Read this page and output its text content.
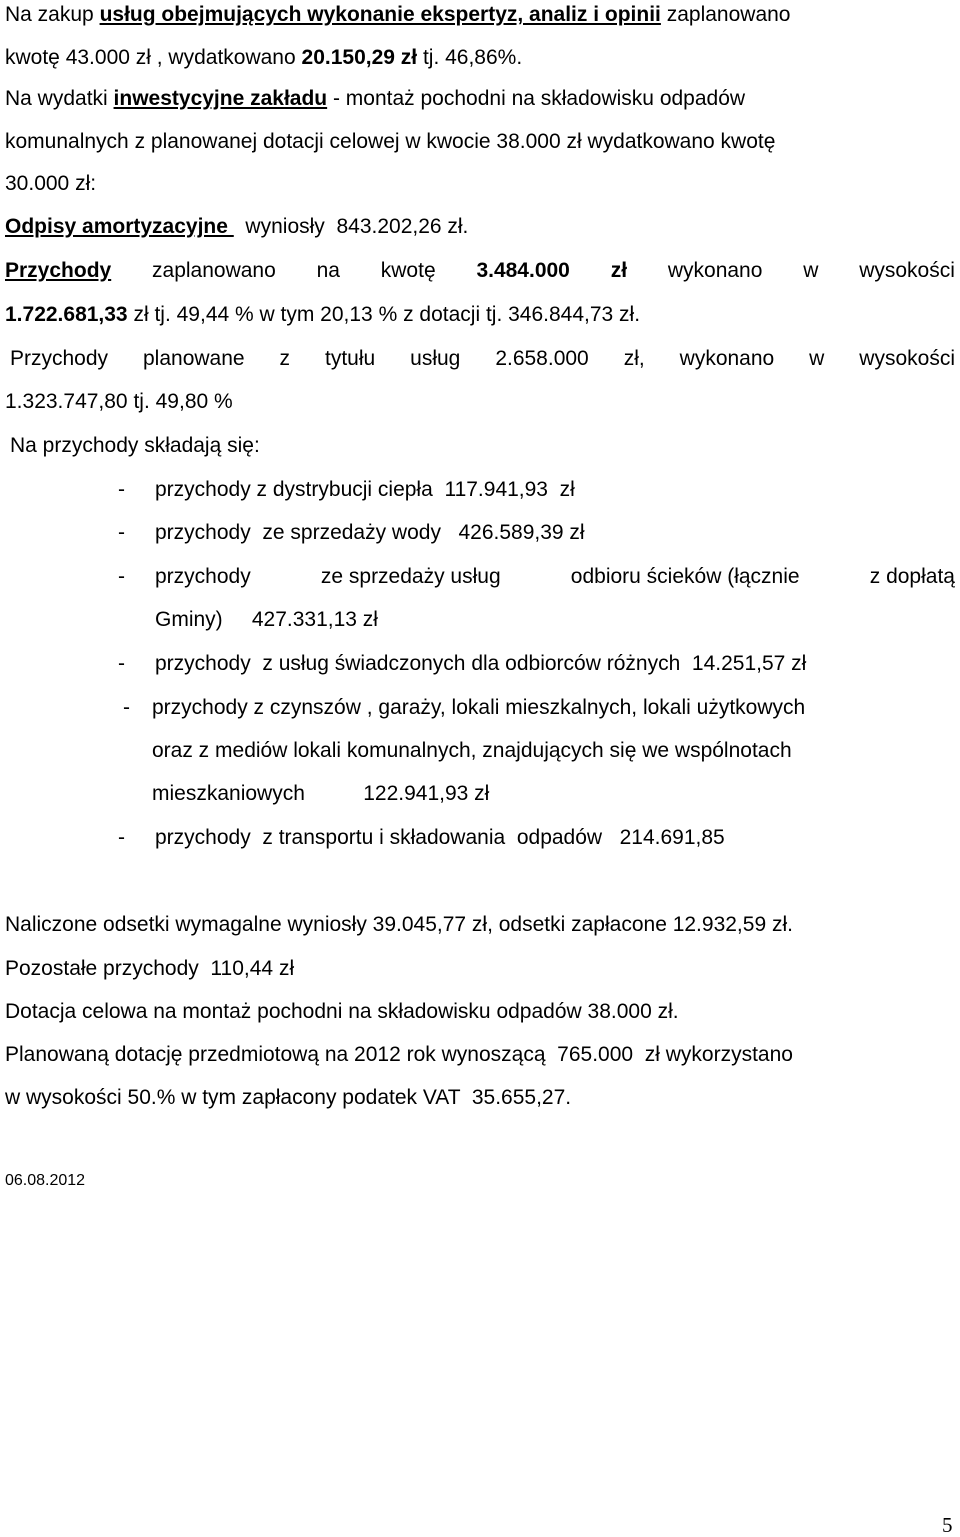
Na zakup usług obejmujących wykonanie ekspertyz, analiz i opinii zaplanowano
kwotę 43.000 zł , wydatkowano 20.150,29 zł tj. 46,86%.
Na wydatki inwestycyjne zakładu - montaż pochodni na składowisku odpadów
komunalnych z planowanej dotacji celowej w kwocie 38.000 zł wydatkowano kwotę
30.000 zł:
Odpisy amortyzacyjne   wyniosły  843.202,26 zł.
Przychody zaplanowano na kwotę 3.484.000 zł wykonano w wysokości
1.722.681,33 zł tj. 49,44 % w tym 20,13 % z dotacji tj. 346.844,73 zł.
Przychody planowane z tytułu usług 2.658.000 zł, wykonano w wysokości
1.323.747,80 tj. 49,80 %
Na przychody składają się:
- przychody z dystrybucji ciepła  117.941,93  zł
- przychody  ze sprzedaży wody   426.589,39 zł
- przychody	ze sprzedaży usług	odbioru ścieków (łącznie	z dopłatą
Gminy)     427.331,13 zł
- przychody  z usług świadczonych dla odbiorców różnych  14.251,57 zł
- przychody z czynszów , garaży, lokali mieszkalnych, lokali użytkowych
oraz z mediów lokali komunalnych, znajdujących się we wspólnotach
mieszkaniowych          122.941,93 zł
- przychody  z transportu i składowania  odpadów   214.691,85
Naliczone odsetki wymagalne wyniosły 39.045,77 zł, odsetki zapłacone 12.932,59 zł.
Pozostałe przychody  110,44 zł
Dotacja celowa na montaż pochodni na składowisku odpadów 38.000 zł.
Planowaną dotację przedmiotową na 2012 rok wynoszącą  765.000  zł wykorzystano
w wysokości 50.% w tym zapłacony podatek VAT  35.655,27.
06.08.2012
5
